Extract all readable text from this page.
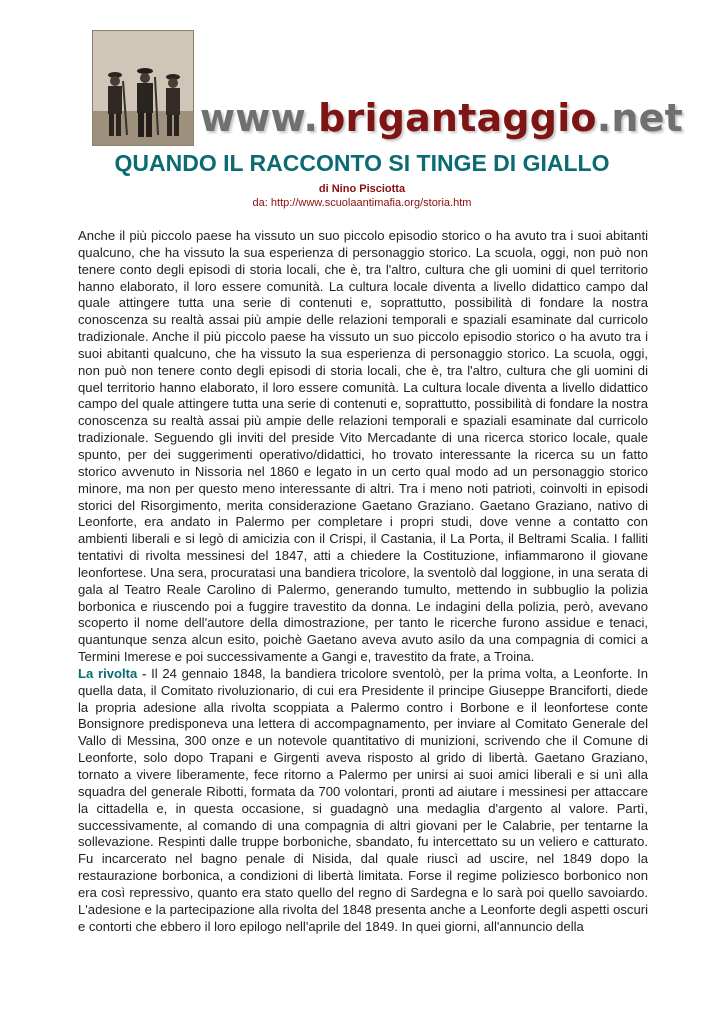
www.brigantaggio.net
QUANDO IL RACCONTO SI TINGE DI GIALLO
di Nino Pisciotta
da: http://www.scuolaantimafia.org/storia.htm

Anche il più piccolo paese ha vissuto un suo piccolo episodio storico o ha avuto tra i suoi abitanti qualcuno, che ha vissuto la sua esperienza di personaggio storico. La scuola, oggi, non può non tenere conto degli episodi di storia locali, che è, tra l'altro, cultura che gli uomini di quel territorio hanno elaborato, il loro essere comunità. La cultura locale diventa a livello didattico campo dal quale attingere tutta una serie di contenuti e, soprattutto, possibilità di fondare la nostra conoscenza su realtà assai più ampie delle relazioni temporali e spaziali esaminate dal curricolo tradizionale. Anche il più piccolo paese ha vissuto un suo piccolo episodio storico o ha avuto tra i suoi abitanti qualcuno, che ha vissuto la sua esperienza di personaggio storico. La scuola, oggi, non può non tenere conto degli episodi di storia locali, che è, tra l'altro, cultura che gli uomini di quel territorio hanno elaborato, il loro essere comunità. La cultura locale diventa a livello didattico campo del quale attingere tutta una serie di contenuti e, soprattutto, possibilità di fondare la nostra conoscenza su realtà assai più ampie delle relazioni temporali e spaziali esaminate dal curricolo tradizionale. Seguendo gli inviti del preside Vito Mercadante di una ricerca storico locale, quale spunto, per dei suggerimenti operativo/didattici, ho trovato interessante la ricerca su un fatto storico avvenuto in Nissoria nel 1860 e legato in un certo qual modo ad un personaggio storico minore, ma non per questo meno interessante di altri. Tra i meno noti patrioti, coinvolti in episodi storici del Risorgimento, merita considerazione Gaetano Graziano. Gaetano Graziano, nativo di Leonforte, era andato in Palermo per completare i propri studi, dove venne a contatto con ambienti liberali e si legò di amicizia con il Crispi, il Castania, il La Porta, il Beltrami Scalia. I falliti tentativi di rivolta messinesi del 1847, atti a chiedere la Costituzione, infiammarono il giovane leonfortese. Una sera, procuratasi una bandiera tricolore, la sventolò dal loggione, in una serata di gala al Teatro Reale Carolino di Palermo, generando tumulto, mettendo in subbuglio la polizia borbonica e riuscendo poi a fuggire travestito da donna. Le indagini della polizia, però, avevano scoperto il nome dell'autore della dimostrazione, per tanto le ricerche furono assidue e tenaci, quantunque senza alcun esito, poichè Gaetano aveva avuto asilo da una compagnia di comici a Termini Imerese e poi successivamente a Gangi e, travestito da frate, a Troina.

La rivolta - Il 24 gennaio 1848, la bandiera tricolore sventolò, per la prima volta, a Leonforte. In quella data, il Comitato rivoluzionario, di cui era Presidente il principe Giuseppe Branciforti, diede la propria adesione alla rivolta scoppiata a Palermo contro i Borbone e il leonfortese conte Bonsignore predisponeva una lettera di accompagnamento, per inviare al Comitato Generale del Vallo di Messina, 300 onze e un notevole quantitativo di munizioni, scrivendo che il Comune di Leonforte, solo dopo Trapani e Girgenti aveva risposto al grido di libertà. Gaetano Graziano, tornato a vivere liberamente, fece ritorno a Palermo per unirsi ai suoi amici liberali e si unì alla squadra del generale Ribotti, formata da 700 volontari, pronti ad aiutare i messinesi per attaccare la cittadella e, in questa occasione, si guadagnò una medaglia d'argento al valore. Partì, successivamente, al comando di una compagnia di altri giovani per le Calabrie, per tentarne la sollevazione. Respinti dalle truppe borboniche, sbandato, fu intercettato su un veliero e catturato. Fu incarcerato nel bagno penale di Nisida, dal quale riuscì ad uscire, nel 1849 dopo la restaurazione borbonica, a condizioni di libertà limitata. Forse il regime poliziesco borbonico non era così repressivo, quanto era stato quello del regno di Sardegna e lo sarà poi quello savoiardo. L'adesione e la partecipazione alla rivolta del 1848 presenta anche a Leonforte degli aspetti oscuri e contorti che ebbero il loro epilogo nell'aprile del 1849. In quei giorni, all'annuncio della
